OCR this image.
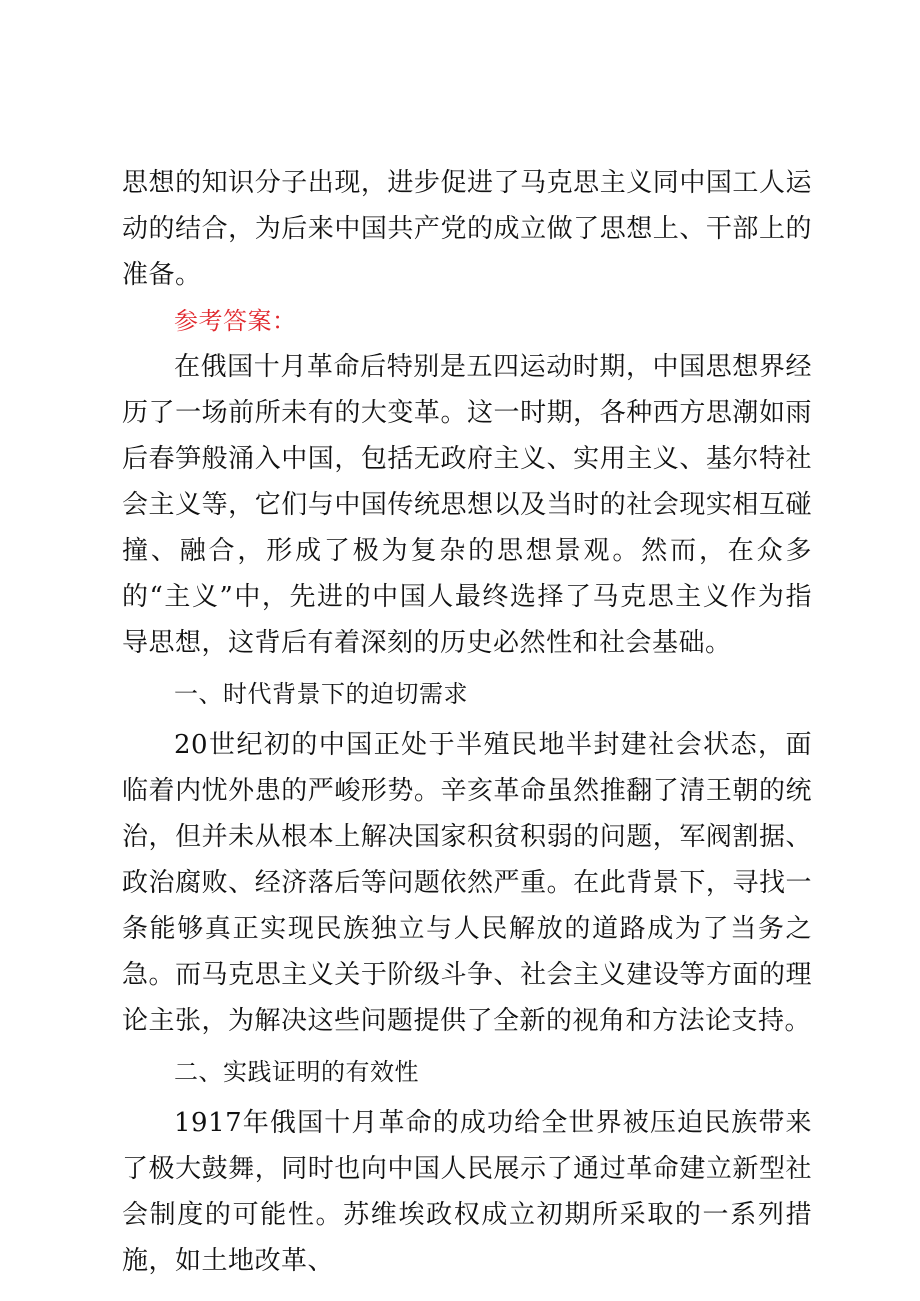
思想的知识分子出现，进步促进了马克思主义同中国工人运动的结合，为后来中国共产党的成立做了思想上、干部上的准备。

参考答案：

在俄国十月革命后特别是五四运动时期，中国思想界经历了一场前所未有的大变革。这一时期，各种西方思潮如雨后春笋般涌入中国，包括无政府主义、实用主义、基尔特社会主义等，它们与中国传统思想以及当时的社会现实相互碰撞、融合，形成了极为复杂的思想景观。然而，在众多的“主义”中，先进的中国人最终选择了马克思主义作为指导思想，这背后有着深刻的历史必然性和社会基础。

一、时代背景下的迫切需求

20世纪初的中国正处于半殖民地半封建社会状态，面临着内忧外患的严峻形势。辛亥革命虽然推翻了清王朝的统治，但并未从根本上解决国家积贫积弱的问题，军阀割据、政治腐败、经济落后等问题依然严重。在此背景下，寻找一条能够真正实现民族独立与人民解放的道路成为了当务之急。而马克思主义关于阶级斗争、社会主义建设等方面的理论主张，为解决这些问题提供了全新的视角和方法论支持。

二、实践证明的有效性

1917年俄国十月革命的成功给全世界被压迫民族带来了极大鼓舞，同时也向中国人民展示了通过革命建立新型社会制度的可能性。苏维埃政权成立初期所采取的一系列措施，如土地改革、
